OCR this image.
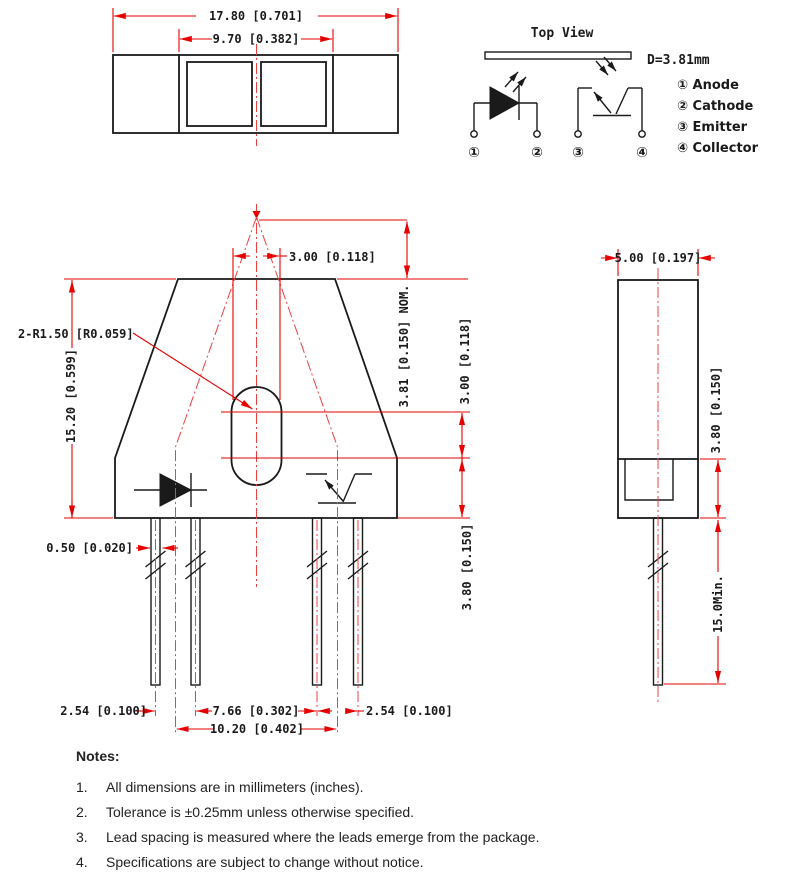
17.80 [0.701]
9.70 [0.382]	Top View
D=3.81mm
①	② ③	④
① Anode
② Cathode
③ Emitter
④ Collector
3.00 [0.118]
3.81 [0.150] NOM.	3.00 [0.118]
3.80 [0.150]
15.20 [0.599]
2-R1.50 [R0.059]
0.50 [0.020]
2.54 [0.100]	7.66 [0.302]	2.54 [0.100]
10.20 [0.402]
5.00 [0.197]
3.80 [0.150]
15.0Min.
Notes:
1.	All dimensions are in millimeters (inches).
2.	Tolerance is ±0.25mm unless otherwise specified.
3.	Lead spacing is measured where the leads emerge from the package.
4.	Specifications are subject to change without notice.
